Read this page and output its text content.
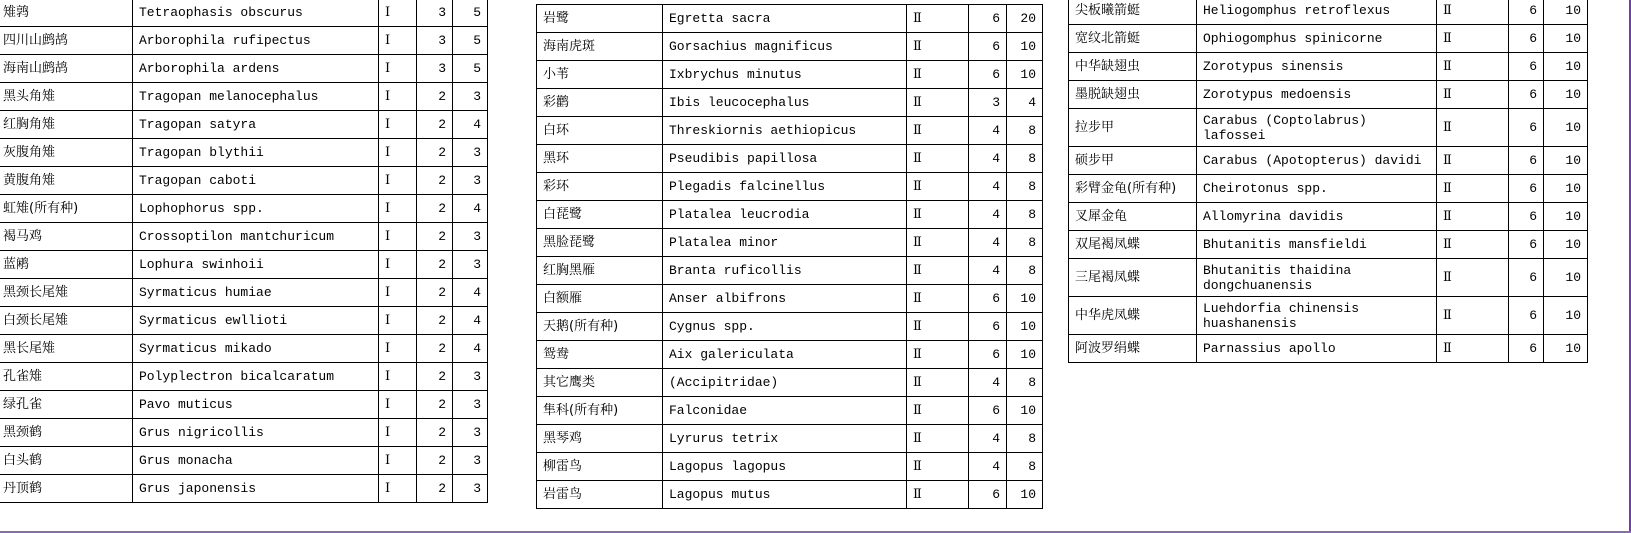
雉鹑	Tetraophasis obscurus	Ⅰ	3	5
四川山鹧鸪	Arborophila rufipectus	Ⅰ	3	5
海南山鹧鸪	Arborophila ardens	Ⅰ	3	5
黑头角雉	Tragopan melanocephalus	Ⅰ	2	3
红胸角雉	Tragopan satyra	Ⅰ	2	4
灰腹角雉	Tragopan blythii	Ⅰ	2	3
黄腹角雉	Tragopan caboti	Ⅰ	2	3
虹雉(所有种)	Lophophorus spp.	Ⅰ	2	4
褐马鸡	Crossoptilon mantchuricum	Ⅰ	2	3
蓝鹇	Lophura swinhoii	Ⅰ	2	3
黑颈长尾雉	Syrmaticus humiae	Ⅰ	2	4
白颈长尾雉	Syrmaticus ewllioti	Ⅰ	2	4
黑长尾雉	Syrmaticus mikado	Ⅰ	2	4
孔雀雉	Polyplectron bicalcaratum	Ⅰ	2	3
绿孔雀	Pavo muticus	Ⅰ	2	3
黑颈鹤	Grus nigricollis	Ⅰ	2	3
白头鹤	Grus monacha	Ⅰ	2	3
丹顶鹤	Grus japonensis	Ⅰ	2	3
岩鹭	Egretta sacra	Ⅱ	6	20
海南虎斑	Gorsachius magnificus	Ⅱ	6	10
小苇	Ixbrychus minutus	Ⅱ	6	10
彩鹳	Ibis leucocephalus	Ⅱ	3	4
白环	Threskiornis aethiopicus	Ⅱ	4	8
黑环	Pseudibis papillosa	Ⅱ	4	8
彩环	Plegadis falcinellus	Ⅱ	4	8
白琵鹭	Platalea leucrodia	Ⅱ	4	8
黑脸琵鹭	Platalea minor	Ⅱ	4	8
红胸黑雁	Branta ruficollis	Ⅱ	4	8
白额雁	Anser albifrons	Ⅱ	6	10
天鹅(所有种)	Cygnus spp.	Ⅱ	6	10
鸳鸯	Aix galericulata	Ⅱ	6	10
其它鹰类	(Accipitridae)	Ⅱ	4	8
隼科(所有种)	Falconidae	Ⅱ	6	10
黑琴鸡	Lyrurus tetrix	Ⅱ	4	8
柳雷鸟	Lagopus lagopus	Ⅱ	4	8
岩雷鸟	Lagopus mutus	Ⅱ	6	10
尖板曦箭蜓	Heliogomphus retroflexus	Ⅱ	6	10
宽纹北箭蜓	Ophiogomphus spinicorne	Ⅱ	6	10
中华缺翅虫	Zorotypus sinensis	Ⅱ	6	10
墨脱缺翅虫	Zorotypus medoensis	Ⅱ	6	10
拉步甲	Carabus (Coptolabrus) lafossei	Ⅱ	6	10
硕步甲	Carabus (Apotopterus) davidi	Ⅱ	6	10
彩臂金龟(所有种)	Cheirotonus spp.	Ⅱ	6	10
叉犀金龟	Allomyrina davidis	Ⅱ	6	10
双尾褐凤蝶	Bhutanitis mansfieldi	Ⅱ	6	10
三尾褐凤蝶	Bhutanitis thaidina dongchuanensis	Ⅱ	6	10
中华虎凤蝶	Luehdorfia chinensis huashanensis	Ⅱ	6	10
阿波罗绢蝶	Parnassius apollo	Ⅱ	6	10
